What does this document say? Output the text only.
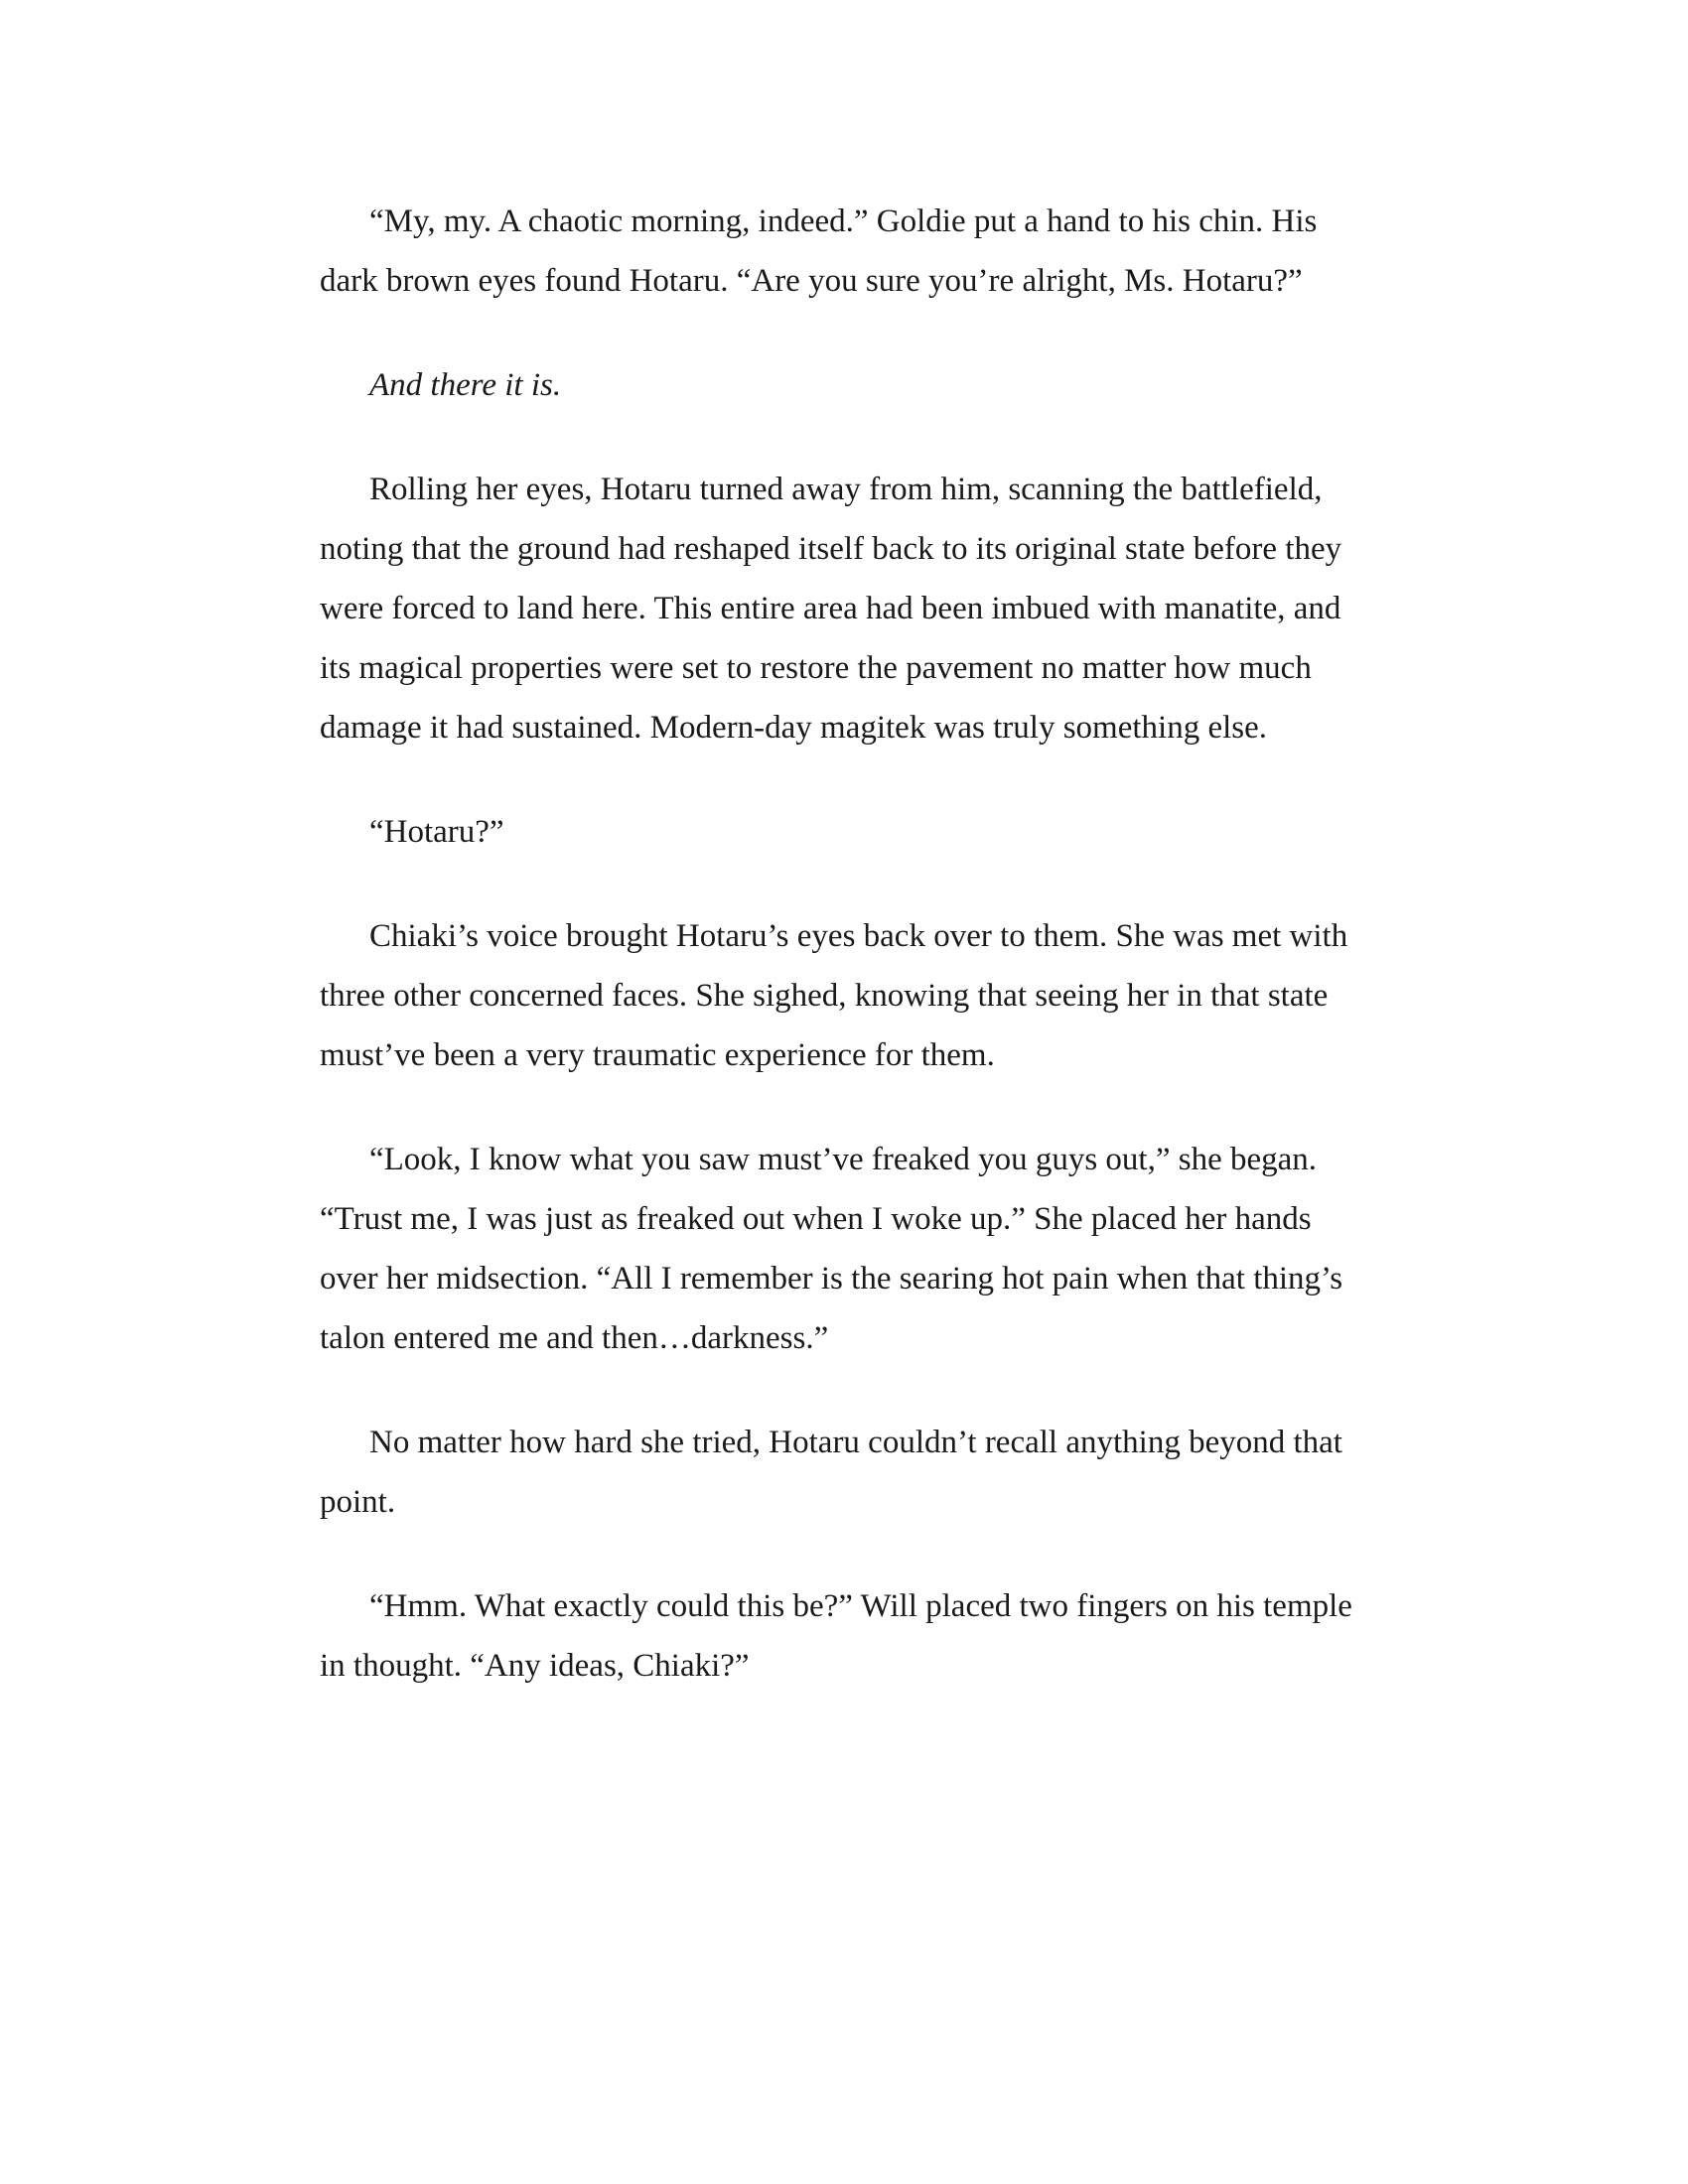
“My, my. A chaotic morning, indeed.” Goldie put a hand to his chin. His dark brown eyes found Hotaru. “Are you sure you’re alright, Ms. Hotaru?”

And there it is.

Rolling her eyes, Hotaru turned away from him, scanning the battlefield, noting that the ground had reshaped itself back to its original state before they were forced to land here. This entire area had been imbued with manatite, and its magical properties were set to restore the pavement no matter how much damage it had sustained. Modern-day magitek was truly something else.

“Hotaru?”

Chiaki’s voice brought Hotaru’s eyes back over to them. She was met with three other concerned faces. She sighed, knowing that seeing her in that state must’ve been a very traumatic experience for them.

“Look, I know what you saw must’ve freaked you guys out,” she began. “Trust me, I was just as freaked out when I woke up.” She placed her hands over her midsection. “All I remember is the searing hot pain when that thing’s talon entered me and then…darkness.”

No matter how hard she tried, Hotaru couldn’t recall anything beyond that point.

“Hmm. What exactly could this be?” Will placed two fingers on his temple in thought. “Any ideas, Chiaki?”
